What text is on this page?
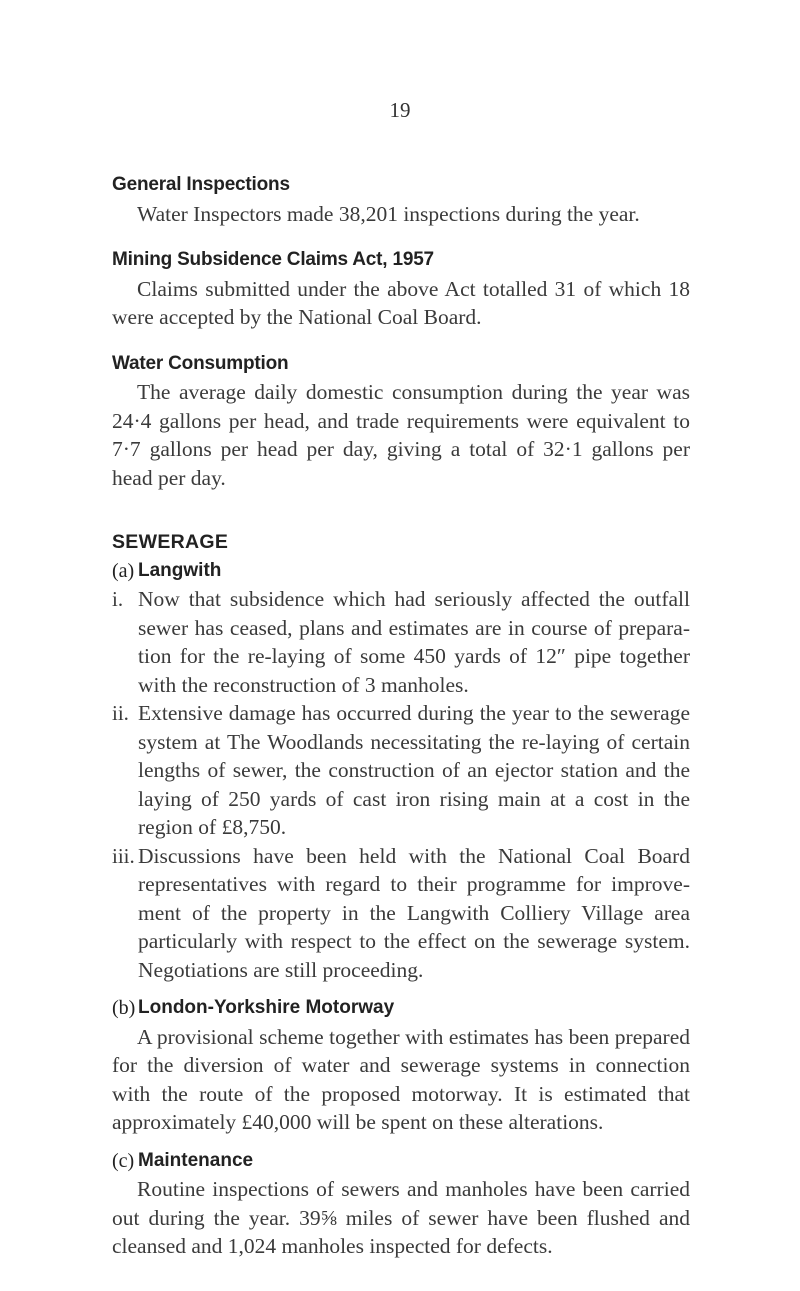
19

General Inspections

Water Inspectors made 38,201 inspections during the year.

Mining Subsidence Claims Act, 1957

Claims submitted under the above Act totalled 31 of which 18 were accepted by the National Coal Board.

Water Consumption

The average daily domestic consumption during the year was 24·4 gallons per head, and trade requirements were equivalent to 7·7 gallons per head per day, giving a total of 32·1 gallons per head per day.

SEWERAGE

(a) Langwith
i. Now that subsidence which had seriously affected the outfall sewer has ceased, plans and estimates are in course of preparation for the re-laying of some 450 yards of 12″ pipe together with the reconstruction of 3 manholes.
ii. Extensive damage has occurred during the year to the sewerage system at The Woodlands necessitating the re-laying of certain lengths of sewer, the construction of an ejector station and the laying of 250 yards of cast iron rising main at a cost in the region of £8,750.
iii. Discussions have been held with the National Coal Board representatives with regard to their programme for improvement of the property in the Langwith Colliery Village area particularly with respect to the effect on the sewerage system. Negotiations are still proceeding.
(b) London-Yorkshire Motorway

A provisional scheme together with estimates has been prepared for the diversion of water and sewerage systems in connection with the route of the proposed motorway. It is estimated that approximately £40,000 will be spent on these alterations.

(c) Maintenance

Routine inspections of sewers and manholes have been carried out during the year. 39⅝ miles of sewer have been flushed and cleansed and 1,024 manholes inspected for defects.
